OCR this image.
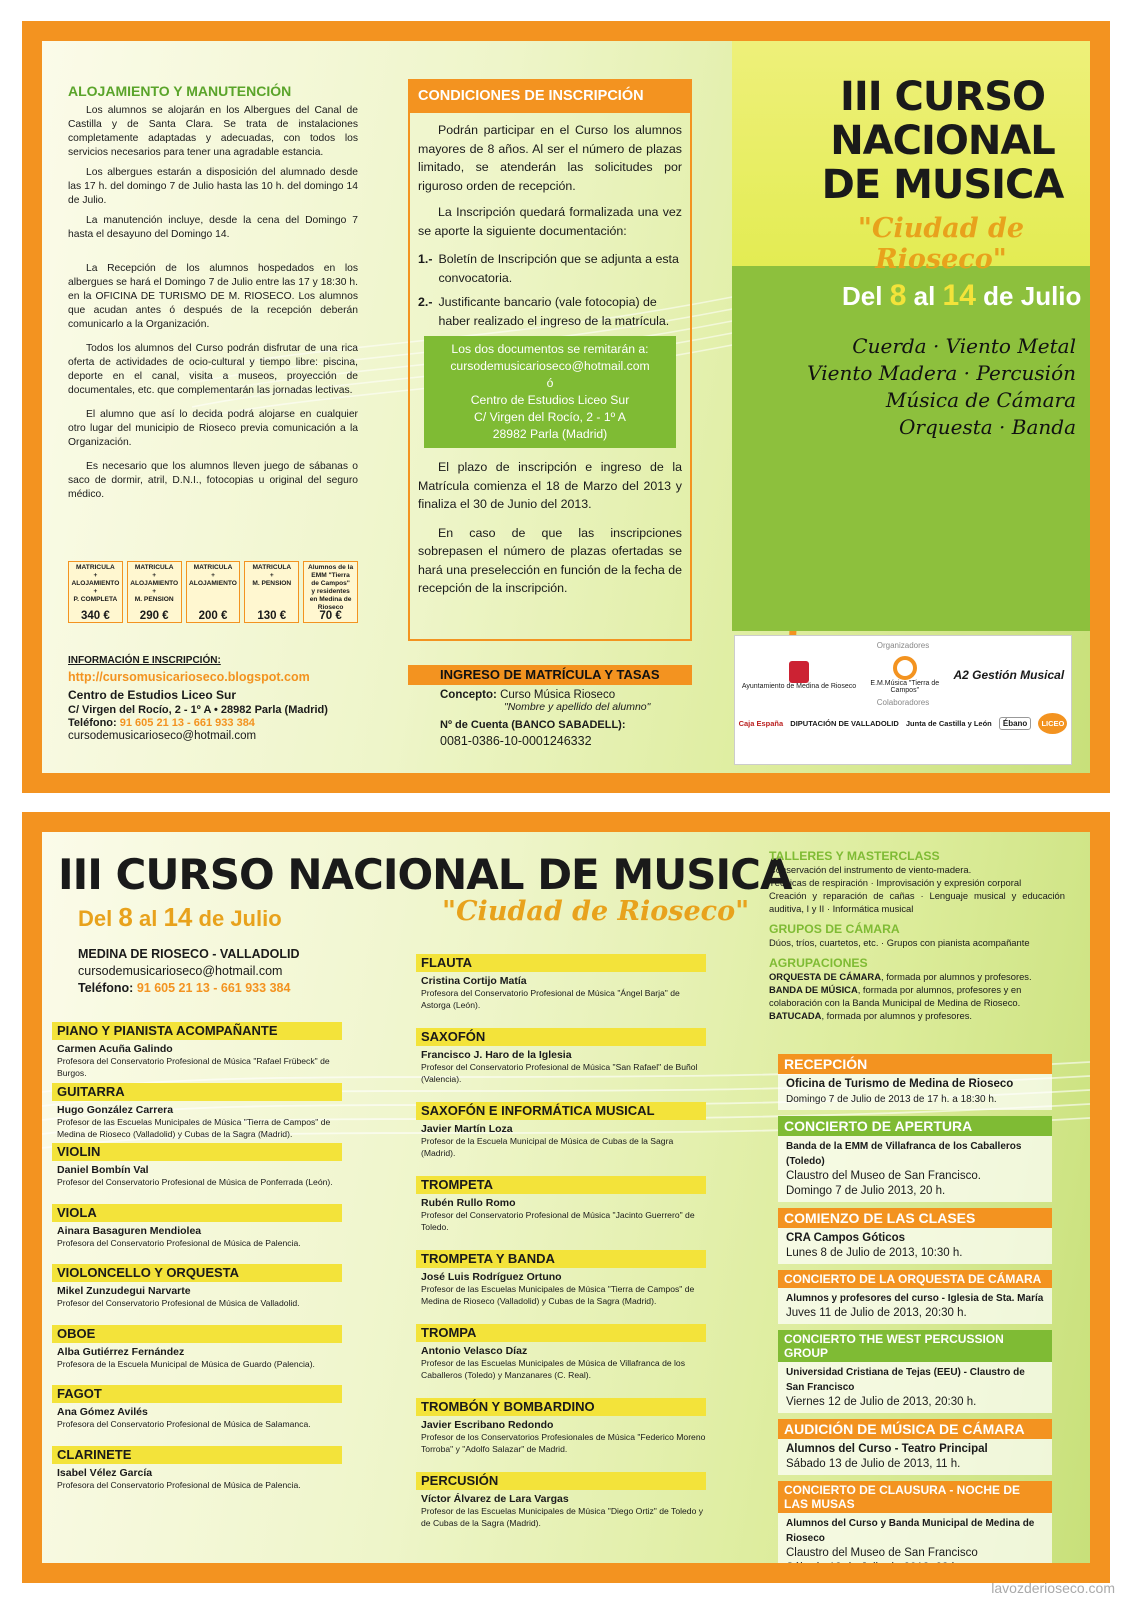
ALOJAMIENTO Y MANUTENCIÓN

Los alumnos se alojarán en los Albergues del Canal de Castilla y de Santa Clara. Se trata de instalaciones completamente adaptadas y adecuadas, con todos los servicios necesarios para tener una agradable estancia.

Los albergues estarán a disposición del alumnado desde las 17 h. del domingo 7 de Julio hasta las 10 h. del domingo 14 de Julio.

La manutención incluye, desde la cena del Domingo 7 hasta el desayuno del Domingo 14.

La Recepción de los alumnos hospedados en los albergues se hará el Domingo 7 de Julio entre las 17 y 18:30 h. en la OFICINA DE TURISMO DE M. RIOSECO. Los alumnos que acudan antes ó después de la recepción deberán comunicarlo a la Organización.

Todos los alumnos del Curso podrán disfrutar de una rica oferta de actividades de ocio-cultural y tiempo libre: piscina, deporte en el canal, visita a museos, proyección de documentales, etc. que complementarán las jornadas lectivas.

El alumno que así lo decida podrá alojarse en cualquier otro lugar del municipio de Rioseco previa comunicación a la Organización.

Es necesario que los alumnos lleven juego de sábanas o saco de dormir, atril, D.N.I., fotocopias u original del seguro médico.

MATRICULA
+
ALOJAMIENTO
+
P. COMPLETA
340 €
MATRICULA
+
ALOJAMIENTO
+
M. PENSION
290 €
MATRICULA
+
ALOJAMIENTO
200 €
MATRICULA
+
M. PENSION
130 €
Alumnos de la
EMM "Tierra
de Campos"
y residentes
en Medina de Rioseco
70 €
INFORMACIÓN E INSCRIPCIÓN:
http://cursomusicarioseco.blogspot.com
Centro de Estudios Liceo Sur
C/ Virgen del Rocío, 2 - 1º A • 28982 Parla (Madrid)
Teléfono: 91 605 21 13 - 661 933 384
cursodemusicarioseco@hotmail.com
CONDICIONES DE INSCRIPCIÓN

Podrán participar en el Curso los alumnos mayores de 8 años. Al ser el número de plazas limitado, se atenderán las solicitudes por riguroso orden de recepción.

La Inscripción quedará formalizada una vez se aporte la siguiente documentación:

1.- Boletín de Inscripción que se adjunta a esta convocatoria.
2.- Justificante bancario (vale fotocopia) de haber realizado el ingreso de la matrícula.
Los dos documentos se remitarán a:
cursodemusicarioseco@hotmail.com
ó
Centro de Estudios Liceo Sur
C/ Virgen del Rocío, 2 - 1º A
28982 Parla (Madrid)

El plazo de inscripción e ingreso de la Matrícula comienza el 18 de Marzo del 2013 y finaliza el 30 de Junio del 2013.

En caso de que las inscripciones sobrepasen el número de plazas ofertadas se hará una preselección en función de la fecha de recepción de la inscripción.

INGRESO DE MATRÍCULA Y TASAS
Concepto: Curso Música Rioseco
"Nombre y apellido del alumno"
Nº de Cuenta (BANCO SABADELL):
0081-0386-10-0001246332
III CURSO
NACIONAL
DE MUSICA
"Ciudad de Rioseco"
Del 8 al 14 de Julio
Cuerda · Viento Metal
Viento Madera · Percusión
Música de Cámara
Orquesta · Banda
Organizadores
Ayuntamiento de Medina de Rioseco E.M.Música "Tierra de Campos"
A2 Gestión Musical
Colaboradores
Caja España DIPUTACIÓN DE VALLADOLID Junta de Castilla y León	Ébano	LICEO
III CURSO NACIONAL DE MUSICA
Del 8 al 14 de Julio	"Ciudad de Rioseco"
MEDINA DE RIOSECO - VALLADOLID
cursodemusicarioseco@hotmail.com
Teléfono: 91 605 21 13 - 661 933 384
PIANO Y PIANISTA ACOMPAÑANTE
Carmen Acuña Galindo
Profesora del Conservatorio Profesional de Música "Rafael Frübeck" de Burgos.
GUITARRA
Hugo González Carrera
Profesor de las Escuelas Municipales de Música "Tierra de Campos" de Medina de Rioseco (Valladolid) y Cubas de la Sagra (Madrid).
VIOLIN
Daniel Bombín Val
Profesor del Conservatorio Profesional de Música de Ponferrada (León).
VIOLA
Ainara Basaguren Mendiolea
Profesora del Conservatorio Profesional de Música de Palencia.
VIOLONCELLO Y ORQUESTA
Mikel Zunzudegui Narvarte
Profesor del Conservatorio Profesional de Música de Valladolid.
OBOE
Alba Gutiérrez Fernández
Profesora de la Escuela Municipal de Música de Guardo (Palencia).
FAGOT
Ana Gómez Avilés
Profesora del Conservatorio Profesional de Música de Salamanca.
CLARINETE
Isabel Vélez García
Profesora del Conservatorio Profesional de Música de Palencia.
FLAUTA
Cristina Cortijo Matía
Profesora del Conservatorio Profesional de Música "Ángel Barja" de Astorga (León).
SAXOFÓN
Francisco J. Haro de la Iglesia
Profesor del Conservatorio Profesional de Música "San Rafael" de Buñol (Valencia).
SAXOFÓN E INFORMÁTICA MUSICAL
Javier Martín Loza
Profesor de la Escuela Municipal de Música de Cubas de la Sagra (Madrid).
TROMPETA
Rubén Rullo Romo
Profesor del Conservatorio Profesional de Música "Jacinto Guerrero" de Toledo.
TROMPETA Y BANDA
José Luis Rodríguez Ortuno
Profesor de las Escuelas Municipales de Música "Tierra de Campos" de Medina de Rioseco (Valladolid) y Cubas de la Sagra (Madrid).
TROMPA
Antonio Velasco Díaz
Profesor de las Escuelas Municipales de Música de Villafranca de los Caballeros (Toledo) y Manzanares (C. Real).
TROMBÓN Y BOMBARDINO
Javier Escribano Redondo
Profesor de los Conservatorios Profesionales de Música "Federico Moreno Torroba" y "Adolfo Salazar" de Madrid.
PERCUSIÓN
Víctor Álvarez de Lara Vargas
Profesor de las Escuelas Municipales de Música "Diego Ortiz" de Toledo y de Cubas de la Sagra (Madrid).
TALLERES Y MASTERCLASS
Conservación del instrumento de viento-madera.
Técnicas de respiración · Improvisación y expresión corporal
Creación y reparación de cañas · Lenguaje musical y educación auditiva, I y II · Informática musical
GRUPOS DE CÁMARA
Dúos, tríos, cuartetos, etc. · Grupos con pianista acompañante
AGRUPACIONES
ORQUESTA DE CÁMARA, formada por alumnos y profesores.
BANDA DE MÚSICA, formada por alumnos, profesores y en colaboración con la Banda Municipal de Medina de Rioseco.
BATUCADA, formada por alumnos y profesores.
RECEPCIÓN
Oficina de Turismo de Medina de Rioseco
Domingo 7 de Julio de 2013 de 17 h. a 18:30 h.
CONCIERTO DE APERTURA
Banda de la EMM de Villafranca de los Caballeros (Toledo)
Claustro del Museo de San Francisco.
Domingo 7 de Julio 2013, 20 h.
COMIENZO DE LAS CLASES
CRA Campos Góticos
Lunes 8 de Julio de 2013, 10:30 h.
CONCIERTO DE LA ORQUESTA DE CÁMARA
Alumnos y profesores del curso - Iglesia de Sta. María
Juves 11 de Julio de 2013, 20:30 h.
CONCIERTO THE WEST PERCUSSION GROUP
Universidad Cristiana de Tejas (EEU) - Claustro de San Francisco
Viernes 12 de Julio de 2013, 20:30 h.
AUDICIÓN DE MÚSICA DE CÁMARA
Alumnos del Curso - Teatro Principal
Sábado 13 de Julio de 2013, 11 h.
CONCIERTO DE CLAUSURA - NOCHE DE LAS MUSAS
Alumnos del Curso y Banda Municipal de Medina de Rioseco
Claustro del Museo de San Francisco
Sábado 13 de Julio de 2013, 23 h.
lavozderioseco.com
